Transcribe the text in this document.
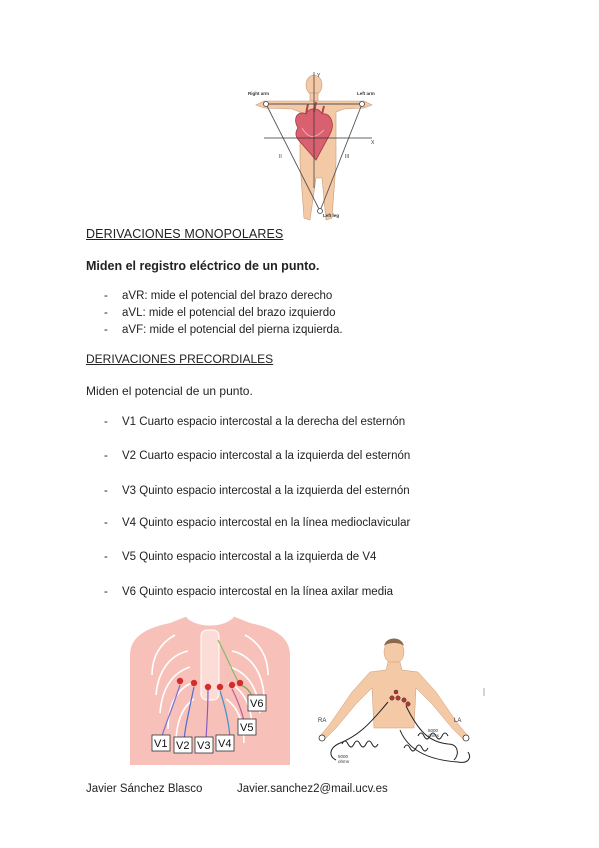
Right arm	Left arm
Left leg
Y
X
II	III
DERIVACIONES MONOPOLARES
Miden el registro eléctrico de un punto.
- aVR: mide el potencial del brazo derecho
- aVL: mide el potencial del brazo izquierdo
- aVF: mide el potencial del pierna izquierda.
DERIVACIONES PRECORDIALES
Miden el potencial de un punto.
- V1 Cuarto espacio intercostal a la derecha del esternón
- V2 Cuarto espacio intercostal a la izquierda del esternón
- V3 Quinto espacio intercostal a la izquierda del esternón
- V4 Quinto espacio intercostal en la línea medioclavicular
- V5 Quinto espacio intercostal a la izquierda de V4
- V6 Quinto espacio intercostal en la línea axilar media
V1 V2 V3 V4
V5
V6
RA	LA
5000 ohms
5000 ohms
Javier Sánchez Blasco	Javier.sanchez2@mail.ucv.es
